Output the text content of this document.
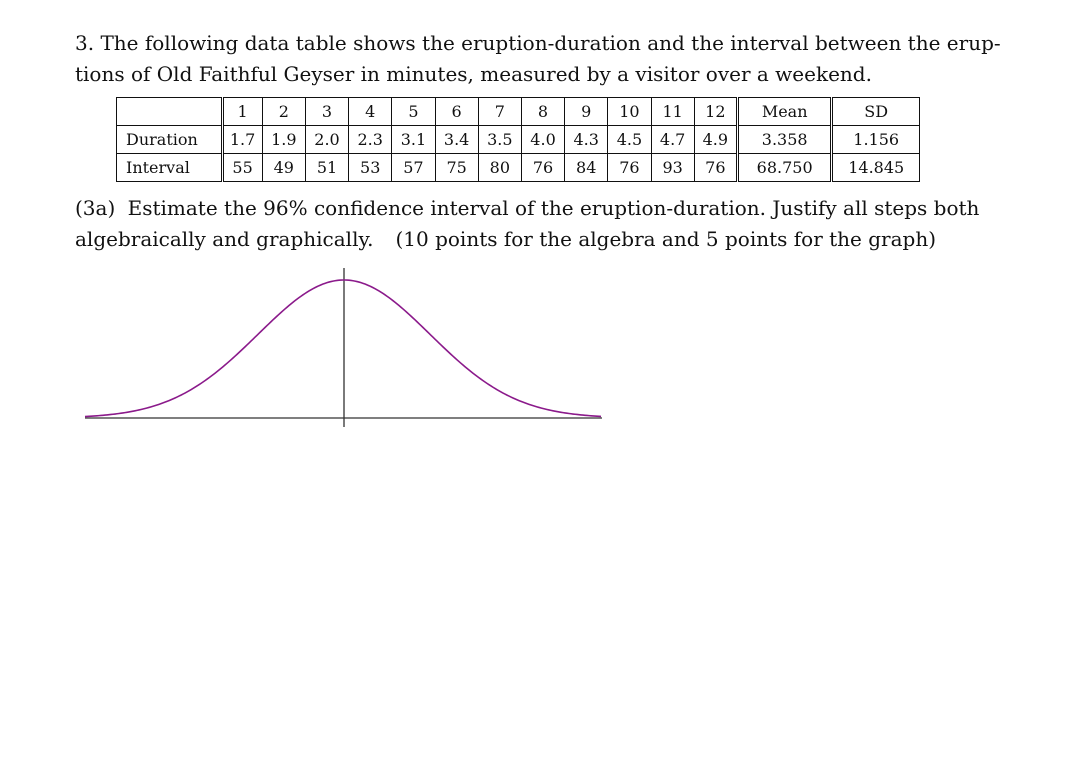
3. The following data table shows the eruption-duration and the interval between the erup-
tions of Old Faithful Geyser in minutes, measured by a visitor over a weekend.

	1	2	3	4	5	6	7	8	9	10	11	12	Mean	SD
Duration	1.7	1.9	2.0	2.3	3.1	3.4	3.5	4.0	4.3	4.5	4.7	4.9	3.358	1.156
Interval	55	49	51	53	57	75	80	76	84	76	93	76	68.750	14.845

(3a) Estimate the 96% confidence interval of the eruption-duration. Justify all steps both
algebraically and graphically. (10 points for the algebra and 5 points for the graph)
